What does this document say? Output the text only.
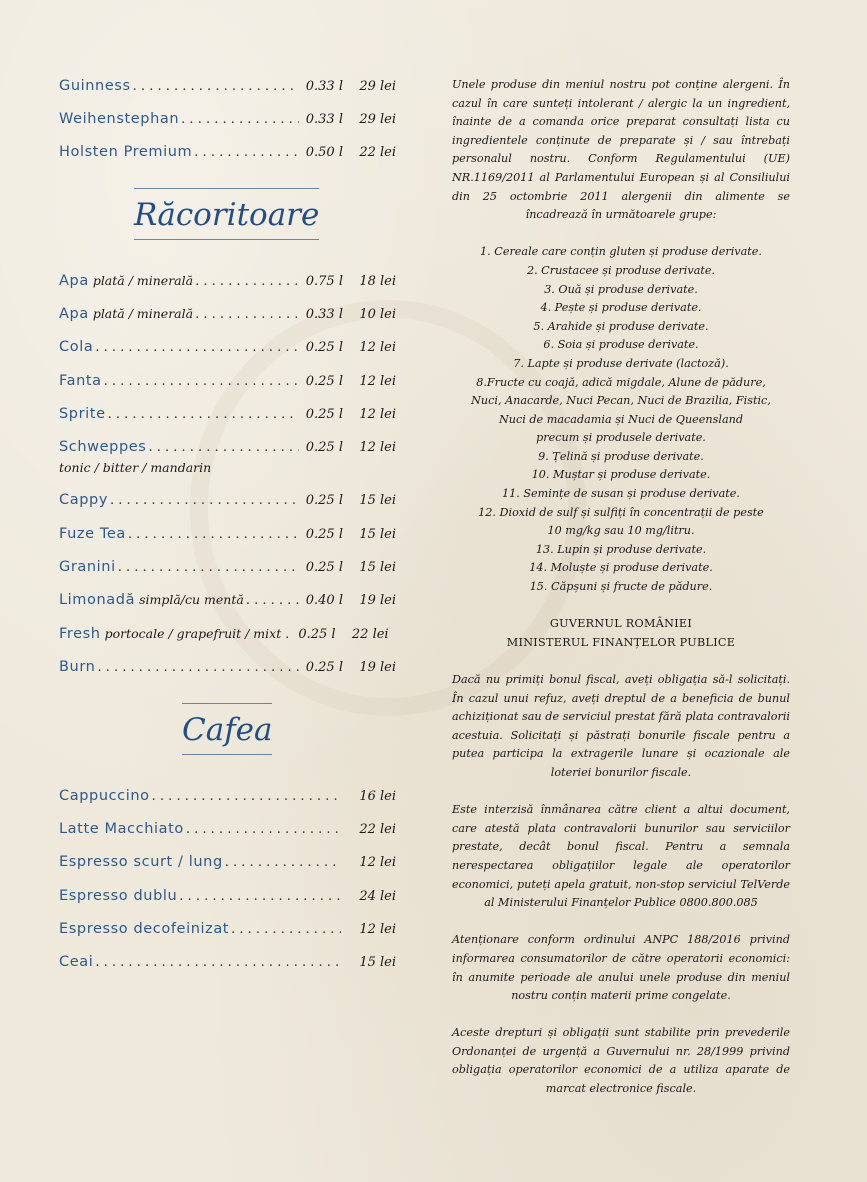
Guinness . . .	0.33 l	29 lei
Weihenstephan . . .	0.33 l	29 lei
Holsten Premium . . .	0.50 l	22 lei
Răcoritoare
Apa plată / minerală . . .	0.75 l	18 lei
Apa plată / minerală . . .	0.33 l	10 lei
Cola . . .	0.25 l	12 lei
Fanta . . .	0.25 l	12 lei
Sprite . . .	0.25 l	12 lei
Schweppes . . .	0.25 l	12 lei
tonic / bitter / mandarin
Cappy . . .	0.25 l	15 lei
Fuze Tea . . .	0.25 l	15 lei
Granini . . .	0.25 l	15 lei
Limonadă simplă/cu mentă . . .	0.40 l	19 lei
Fresh portocale / grapefruit / mixt . . . . 0.25 l	22 lei
Burn . . .	0.25 l	19 lei
Cafea
Cappuccino . . .	16 lei
Latte Macchiato . . .	22 lei
Espresso scurt / lung . . .	12 lei
Espresso dublu . . .	24 lei
Espresso decofeinizat . . .	12 lei
Ceai . . .	15 lei

Unele produse din meniul nostru pot conține alergeni. În cazul în care sunteți intolerant / alergic la un ingredient, înainte de a comanda orice preparat consultați lista cu ingredientele conținute de preparate și / sau întrebați personalul nostru. Conform Regulamentului (UE) NR.1169/2011 al Parlamentului European și al Consiliului din 25 octombrie 2011 alergenii din alimente se încadrează în următoarele grupe:

1. Cereale care conțin gluten și produse derivate.

2. Crustacee și produse derivate.

3. Ouă și produse derivate.

4. Pește și produse derivate.

5. Arahide și produse derivate.

6. Soia și produse derivate.

7. Lapte și produse derivate (lactoză).

8.Fructe cu coajă, adică migdale, Alune de pădure,

Nuci, Anacarde, Nuci Pecan, Nuci de Brazilia, Fistic,

Nuci de macadamia și Nuci de Queensland

precum și produsele derivate.

9. Țelină și produse derivate.

10. Muștar și produse derivate.

11. Semințe de susan și produse derivate.

12. Dioxid de sulf și sulfiți în concentrații de peste

10 mg/kg sau 10 mg/litru.

13. Lupin și produse derivate.

14. Moluște și produse derivate.

15. Căpșuni și fructe de pădure.

GUVERNUL ROMÂNIEI

MINISTERUL FINANȚELOR PUBLICE

Dacă nu primiți bonul fiscal, aveți obligația să-l solicitați. În cazul unui refuz, aveți dreptul de a beneficia de bunul achiziționat sau de serviciul prestat fără plata contravalorii acestuia. Solicitați și păstrați bonurile fiscale pentru a putea participa la extragerile lunare și ocazionale ale loteriei bonurilor fiscale.

Este interzisă înmânarea către client a altui document, care atestă plata contravalorii bunurilor sau serviciilor prestate, decât bonul fiscal. Pentru a semnala nerespectarea obligațiilor legale ale operatorilor economici, puteți apela gratuit, non-stop serviciul TelVerde al Ministerului Finanțelor Publice 0800.800.085

Atenționare conform ordinului ANPC 188/2016 privind informarea consumatorilor de către operatorii economici: în anumite perioade ale anului unele produse din meniul nostru conțin materii prime congelate.

Aceste drepturi și obligații sunt stabilite prin prevederile Ordonanței de urgență a Guvernului nr. 28/1999 privind obligația operatorilor economici de a utiliza aparate de marcat electronice fiscale.
